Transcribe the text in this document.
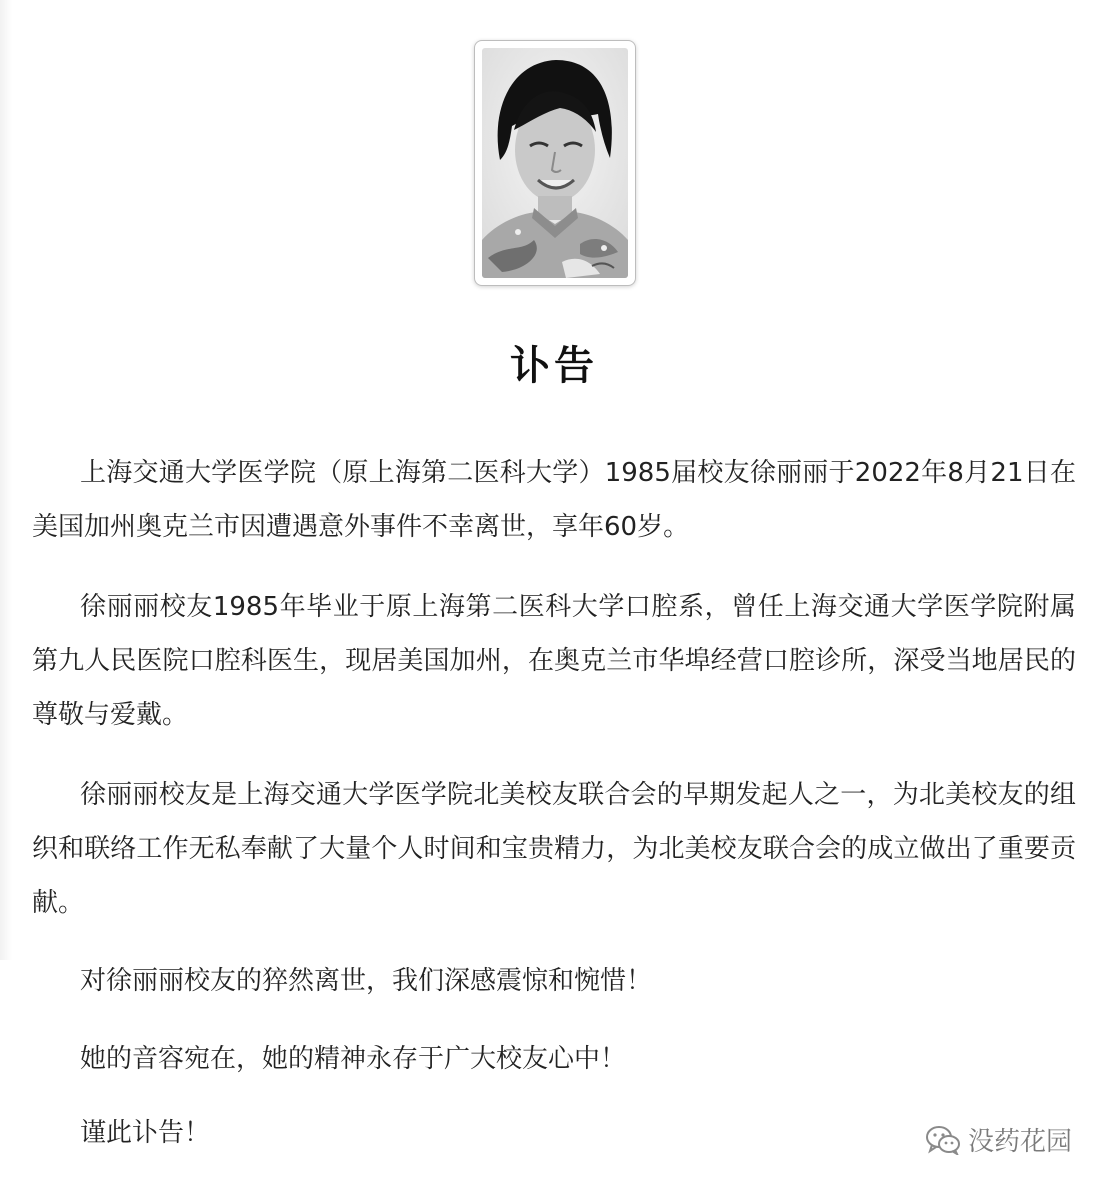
讣告

上海交通大学医学院（原上海第二医科大学）1985届校友徐丽丽于2022年8月21日在美国加州奥克兰市因遭遇意外事件不幸离世，享年60岁。

徐丽丽校友1985年毕业于原上海第二医科大学口腔系，曾任上海交通大学医学院附属第九人民医院口腔科医生，现居美国加州，在奥克兰市华埠经营口腔诊所，深受当地居民的尊敬与爱戴。

徐丽丽校友是上海交通大学医学院北美校友联合会的早期发起人之一，为北美校友的组织和联络工作无私奉献了大量个人时间和宝贵精力，为北美校友联合会的成立做出了重要贡献。

对徐丽丽校友的猝然离世，我们深感震惊和惋惜！

她的音容宛在，她的精神永存于广大校友心中！

谨此讣告！	没药花园
